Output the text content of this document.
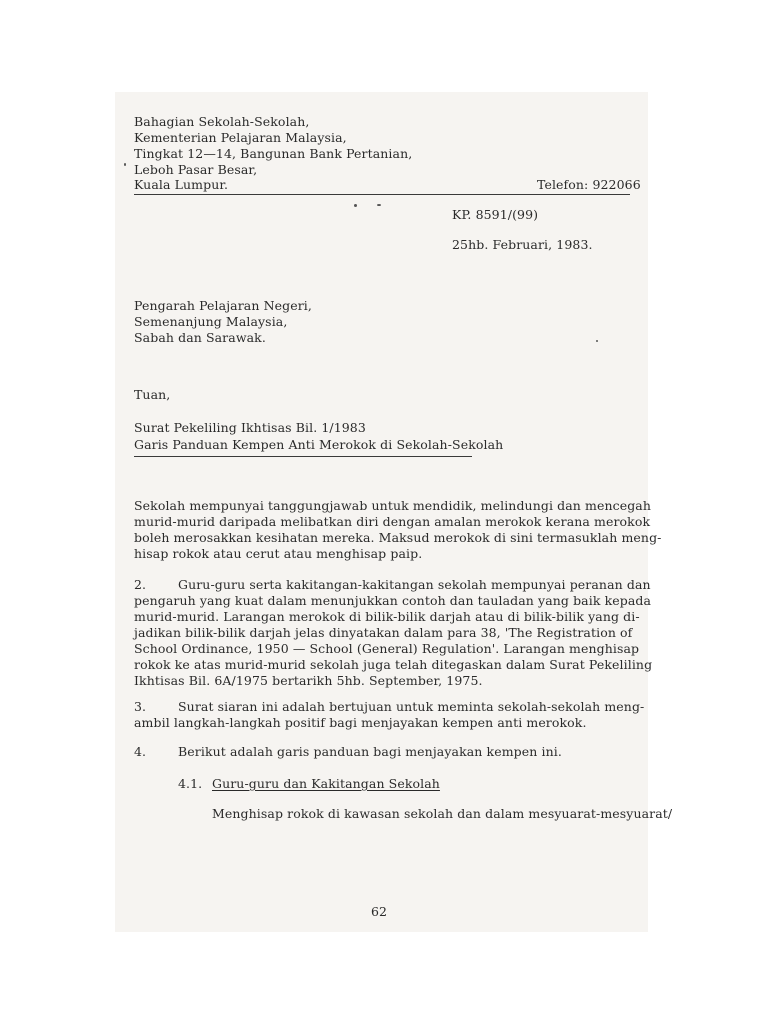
Bahagian Sekolah-Sekolah,
Kementerian Pelajaran Malaysia,
Tingkat 12—14, Bangunan Bank Pertanian,
Leboh Pasar Besar,
Kuala Lumpur.	Telefon: 922066
KP. 8591/(99)
25hb. Februari, 1983.
Pengarah Pelajaran Negeri,
Semenanjung Malaysia,
Sabah dan Sarawak.
Tuan,
Surat Pekeliling Ikhtisas Bil. 1/1983
Garis Panduan Kempen Anti Merokok di Sekolah-Sekolah
Sekolah mempunyai tanggungjawab untuk mendidik, melindungi dan mencegah
murid-murid daripada melibatkan diri dengan amalan merokok kerana merokok
boleh merosakkan kesihatan mereka. Maksud merokok di sini termasuklah meng-
hisap rokok atau cerut atau menghisap paip.
2.	Guru-guru serta kakitangan-kakitangan sekolah mempunyai peranan dan
pengaruh yang kuat dalam menunjukkan contoh dan tauladan yang baik kepada
murid-murid. Larangan merokok di bilik-bilik darjah atau di bilik-bilik yang di-
jadikan bilik-bilik darjah jelas dinyatakan dalam para 38, 'The Registration of
School Ordinance, 1950 — School (General) Regulation'. Larangan menghisap
rokok ke atas murid-murid sekolah juga telah ditegaskan dalam Surat Pekeliling
Ikhtisas Bil. 6A/1975 bertarikh 5hb. September, 1975.
3.	Surat siaran ini adalah bertujuan untuk meminta sekolah-sekolah meng-
ambil langkah-langkah positif bagi menjayakan kempen anti merokok.
4.	Berikut adalah garis panduan bagi menjayakan kempen ini.
4.1. Guru-guru dan Kakitangan Sekolah
Menghisap rokok di kawasan sekolah dan dalam mesyuarat-mesyuarat/
62
